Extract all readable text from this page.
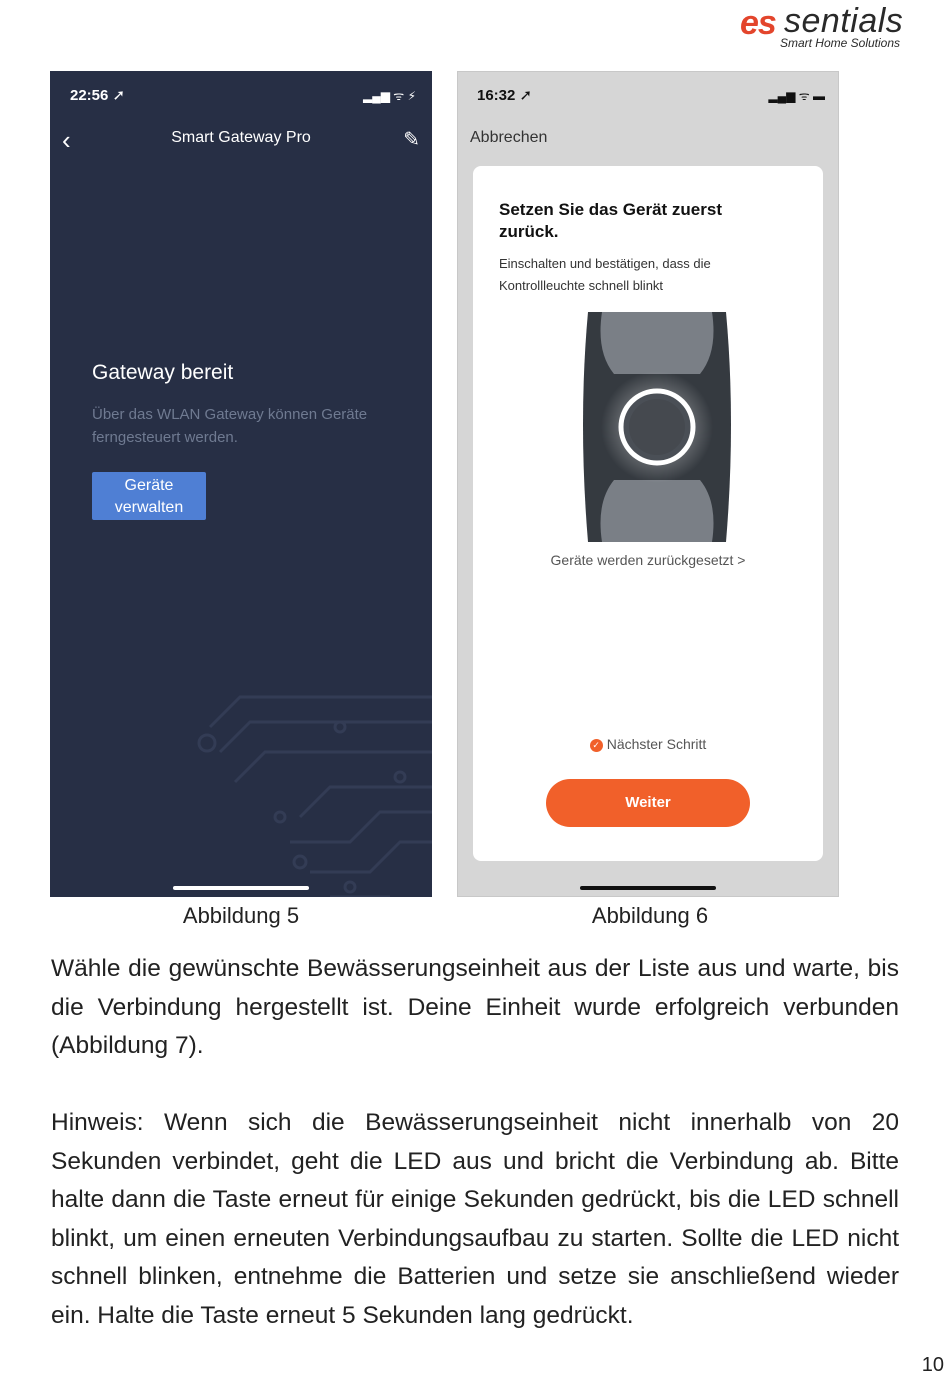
es sentials
Smart Home Solutions
22:56 ➚	▂▄▆ ᯤ ⚡
‹	Smart Gateway Pro	✎
Gateway bereit
Über das WLAN Gateway können Geräte ferngesteuert werden.
Geräte verwalten
16:32 ➚	▂▄▆ ᯤ ▬
Abbrechen
Setzen Sie das Gerät zuerst zurück.
Einschalten und bestätigen, dass die Kontrollleuchte schnell blinkt
Geräte werden zurückgesetzt >
✓ Nächster Schritt
Weiter
Abbildung 5	Abbildung 6
Wähle die gewünschte Bewässerungseinheit aus der Liste aus und warte, bis die Verbindung hergestellt ist. Deine Einheit wurde erfolgreich verbunden (Abbildung 7).
Hinweis: Wenn sich die Bewässerungseinheit nicht innerhalb von 20 Sekunden verbindet, geht die LED aus und bricht die Verbindung ab. Bitte halte dann die Taste erneut für einige Sekunden gedrückt, bis die LED schnell blinkt, um einen erneuten Verbindungsaufbau zu starten. Sollte die LED nicht schnell blinken, entnehme die Batterien und setze sie anschließend wieder ein. Halte die Taste erneut 5 Sekunden lang gedrückt.
10
